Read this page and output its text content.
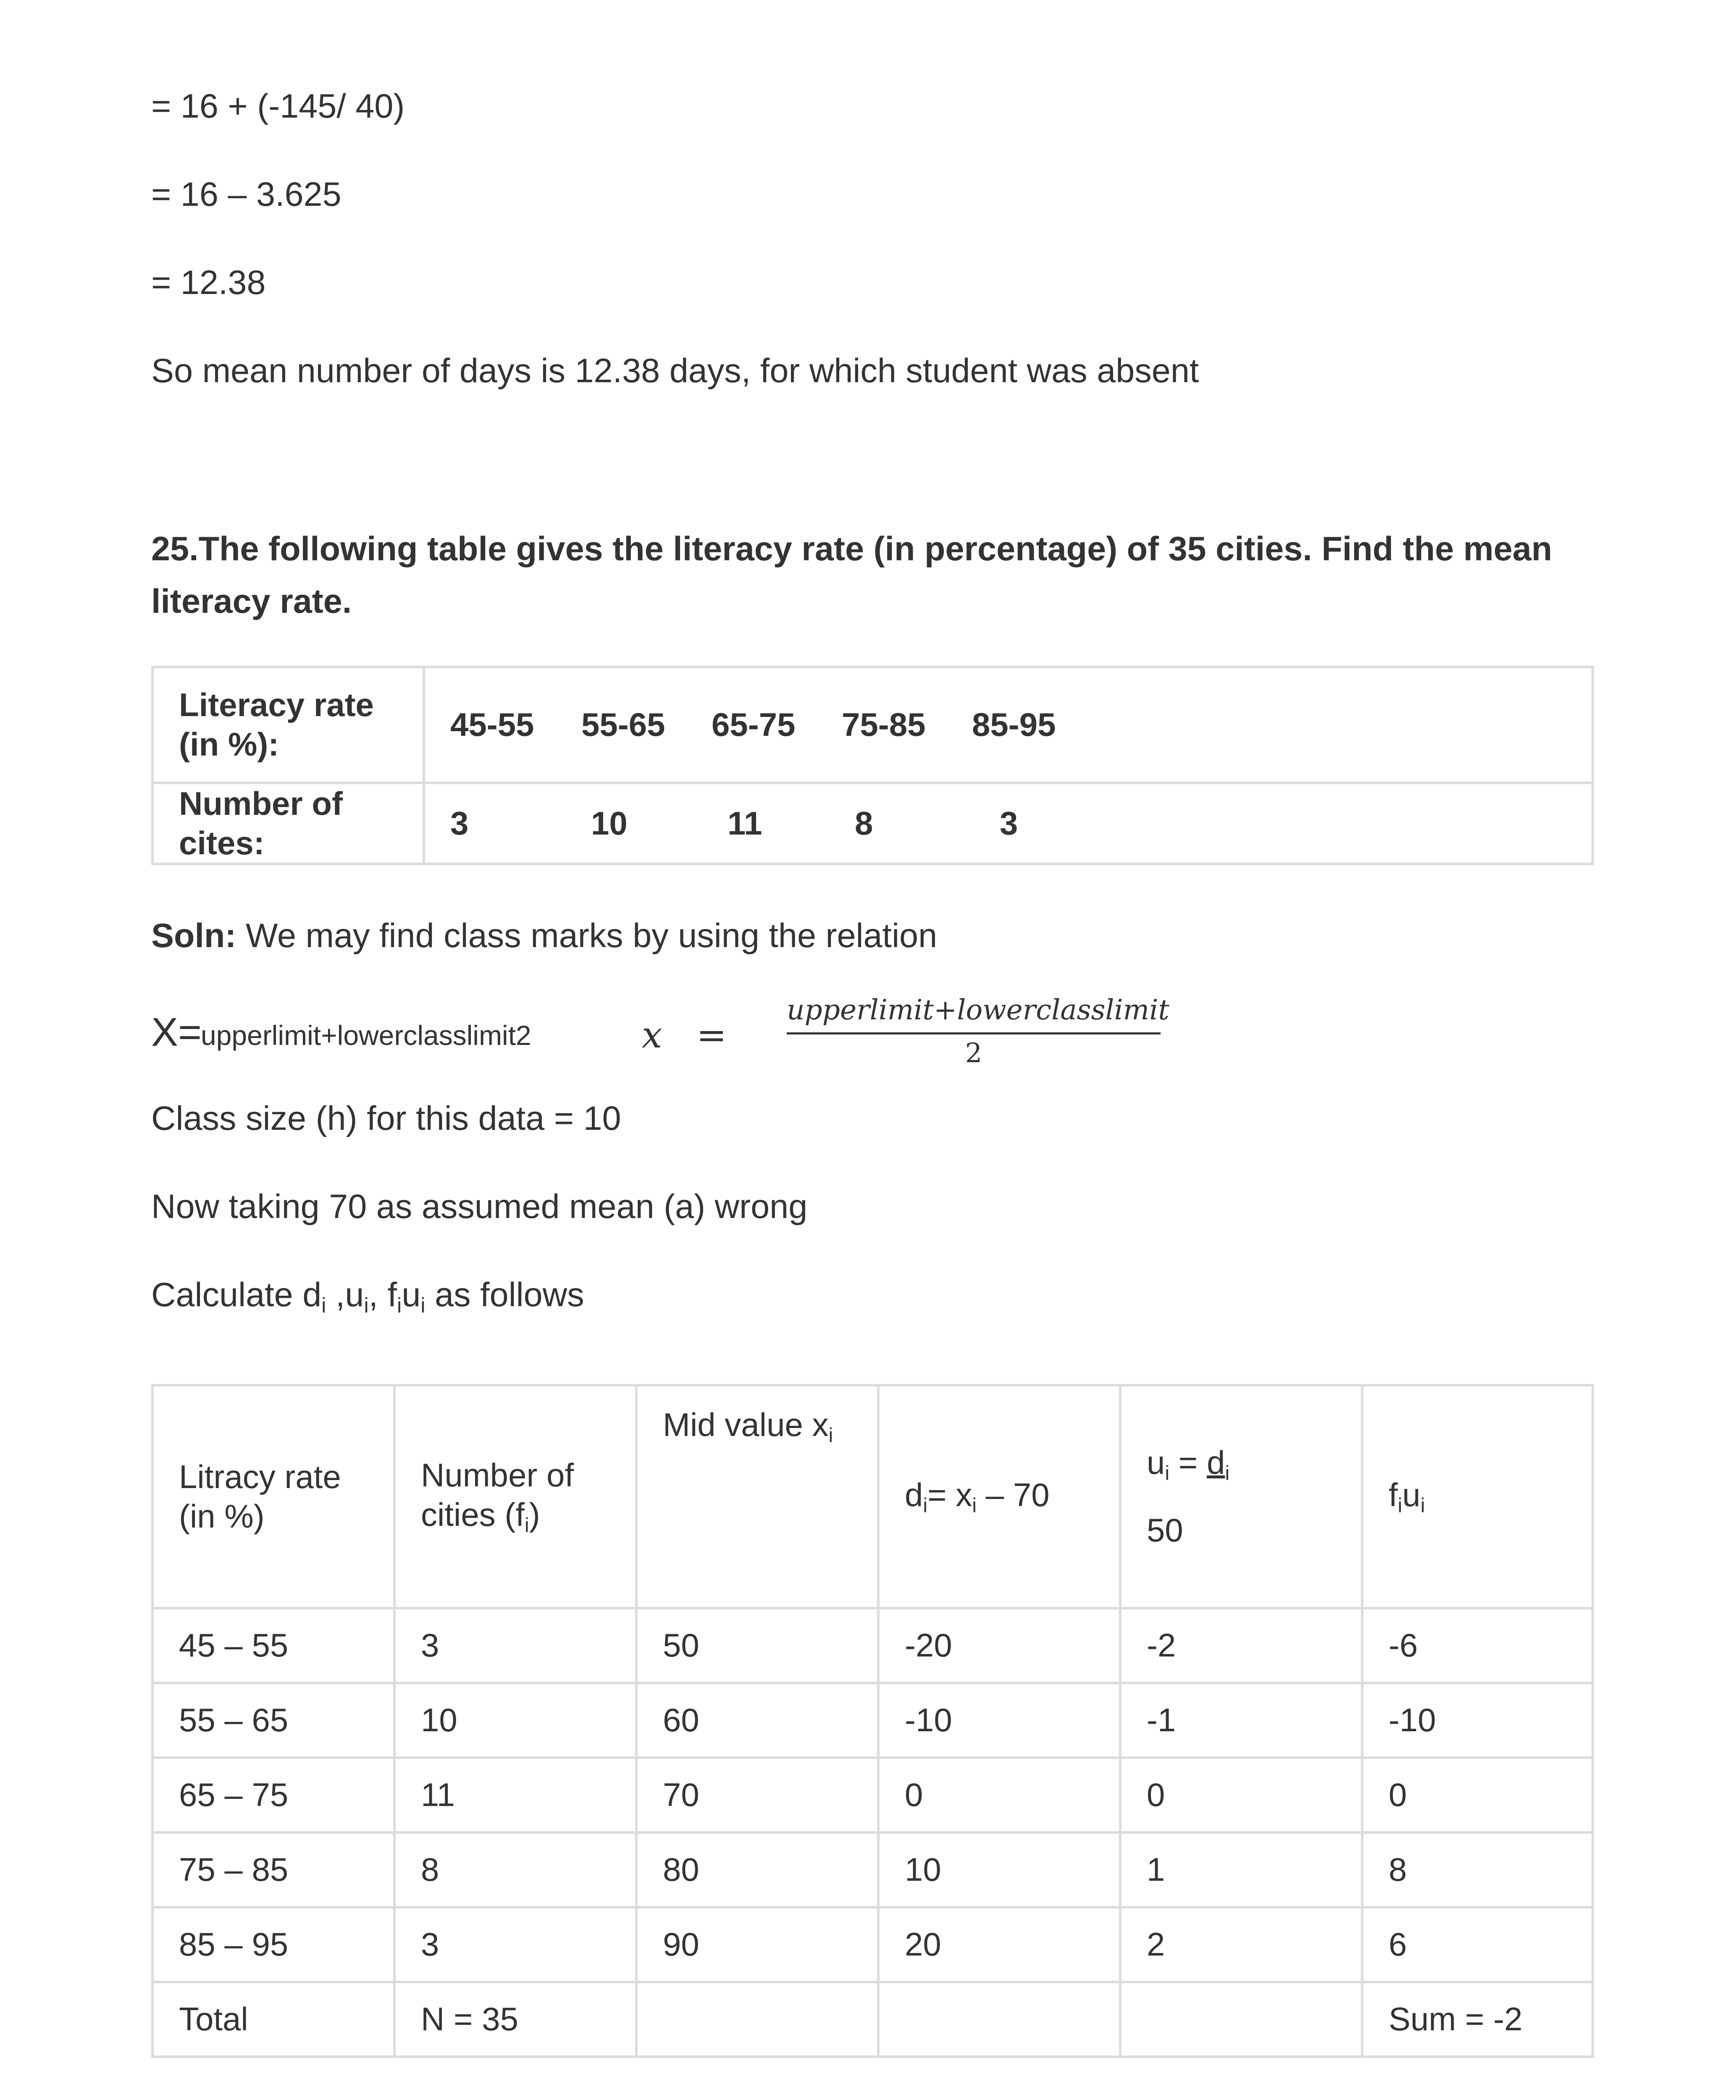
= 16 + (-145/ 40)

= 16 – 3.625

= 12.38

So mean number of days is 12.38 days, for which student was absent

25.The following table gives the literacy rate (in percentage) of 35 cities. Find the mean literacy rate.

Literacy rate (in %):	45-55 55-65 65-75 75-85 85-95
Number of cites:	3 10 11 8 3

Soln: We may find class marks by using the relation

X=
upperlimit+lowerclasslimit2	x =
upperlimit+lowerclasslimit
2

Class size (h) for this data = 10

Now taking 70 as assumed mean (a) wrong

Calculate $d_i$ $,u_i$, $f_iu_i$ as follows

Litracy rate (in %)	Number of cities $(f_i)$	Mid value $x_i$	$d_i= x_i - 70$	$u_i = d_i$
50	$f_iu_i$
45 – 55	3	50	-20	-2	-6
55 – 65	10	60	-10	-1	-10
65 – 75	11	70	0	0	0
75 – 85	8	80	10	1	8
85 – 95	3	90	20	2	6
Total	N = 35				Sum = -2
